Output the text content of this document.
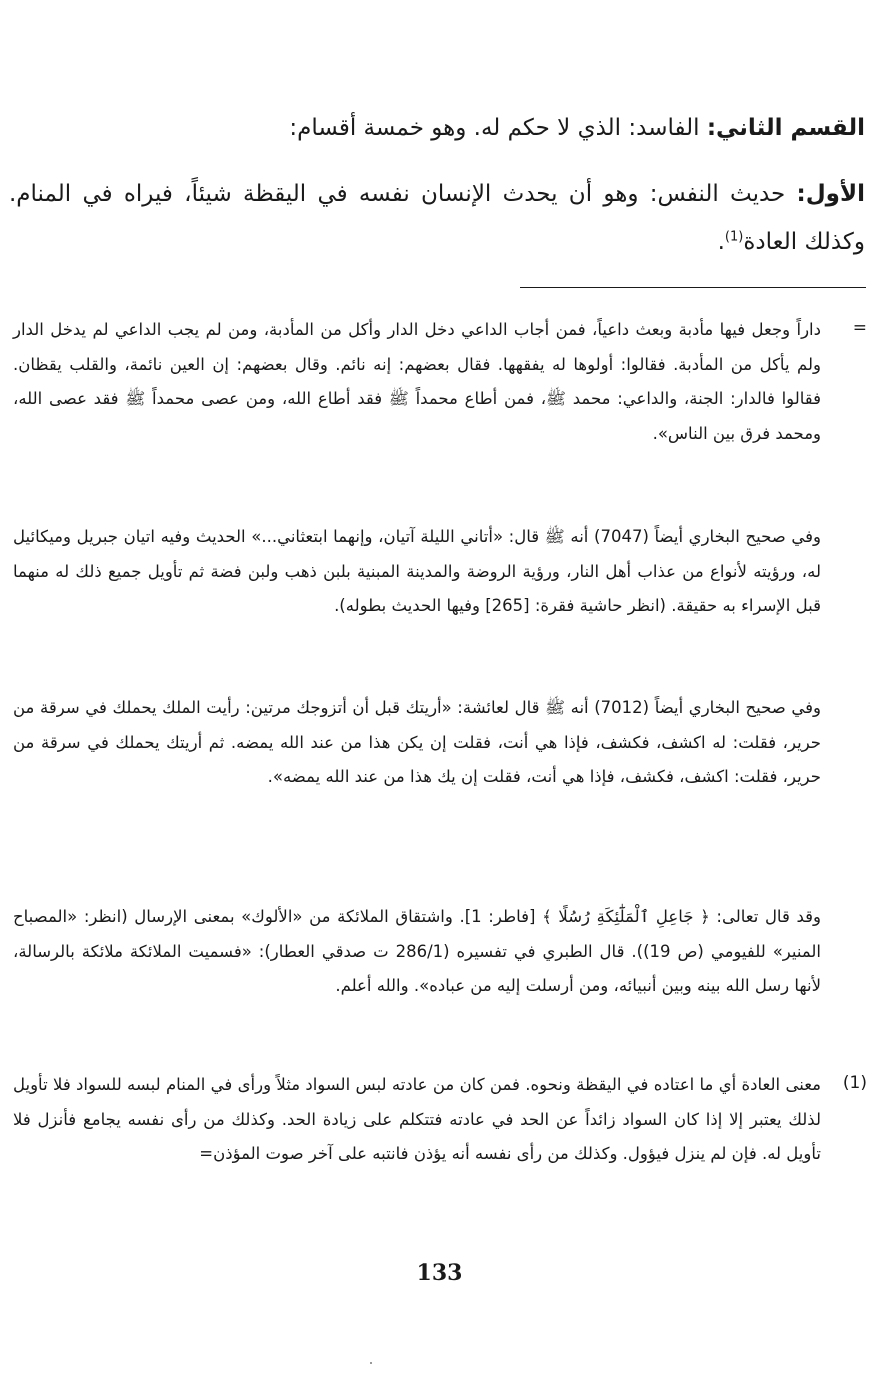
القسم الثاني: الفاسد: الذي لا حكم له. وهو خمسة أقسام:

الأول: حديث النفس: وهو أن يحدث الإنسان نفسه في اليقظة شيئاً، فيراه في المنام. وكذلك العادة$^{(1)}$.

=

داراً وجعل فيها مأدبة وبعث داعياً، فمن أجاب الداعي دخل الدار وأكل من المأدبة، ومن لم يجب الداعي لم يدخل الدار ولم يأكل من المأدبة. فقالوا: أولوها له يفقهها. فقال بعضهم: إنه نائم. وقال بعضهم: إن العين نائمة، والقلب يقظان. فقالوا فالدار: الجنة، والداعي: محمد ﷺ، فمن أطاع محمداً ﷺ فقد أطاع الله، ومن عصى محمداً ﷺ فقد عصى الله، ومحمد فرق بين الناس».

وفي صحيح البخاري أيضاً (7047) أنه ﷺ قال: «أتاني الليلة آتيان، وإنهما ابتعثاني...» الحديث وفيه اتيان جبريل وميكائيل له، ورؤيته لأنواع من عذاب أهل النار، ورؤية الروضة والمدينة المبنية بلبن ذهب ولبن فضة ثم تأويل جميع ذلك له منهما قبل الإسراء به حقيقة. (انظر حاشية فقرة: [265] وفيها الحديث بطوله).

وفي صحيح البخاري أيضاً (7012) أنه ﷺ قال لعائشة: «أريتك قبل أن أتزوجك مرتين: رأيت الملك يحملك في سرقة من حرير، فقلت: له اكشف، فكشف، فإذا هي أنت، فقلت إن يكن هذا من عند الله يمضه. ثم أريتك يحملك في سرقة من حرير، فقلت: اكشف، فكشف، فإذا هي أنت، فقلت إن يك هذا من عند الله يمضه».

وقد قال تعالى: ﴿ جَاعِلِ ٱلْمَلَٰٓئِكَةِ رُسُلًا ﴾ [فاطر: 1]. واشتقاق الملائكة من «الألوك» بمعنى الإرسال (انظر: «المصباح المنير» للفيومي (ص 19)). قال الطبري في تفسيره (286/1 ت صدقي العطار): «فسميت الملائكة ملائكة بالرسالة، لأنها رسل الله بينه وبين أنبيائه، ومن أرسلت إليه من عباده». والله أعلم.

(1)

معنى العادة أي ما اعتاده في اليقظة ونحوه. فمن كان من عادته لبس السواد مثلاً ورأى في المنام لبسه للسواد فلا تأويل لذلك يعتبر إلا إذا كان السواد زائداً عن الحد في عادته فتتكلم على زيادة الحد. وكذلك من رأى نفسه يجامع فأنزل فلا تأويل له. فإن لم ينزل فيؤول. وكذلك من رأى نفسه أنه يؤذن فانتبه على آخر صوت المؤذن=

133
